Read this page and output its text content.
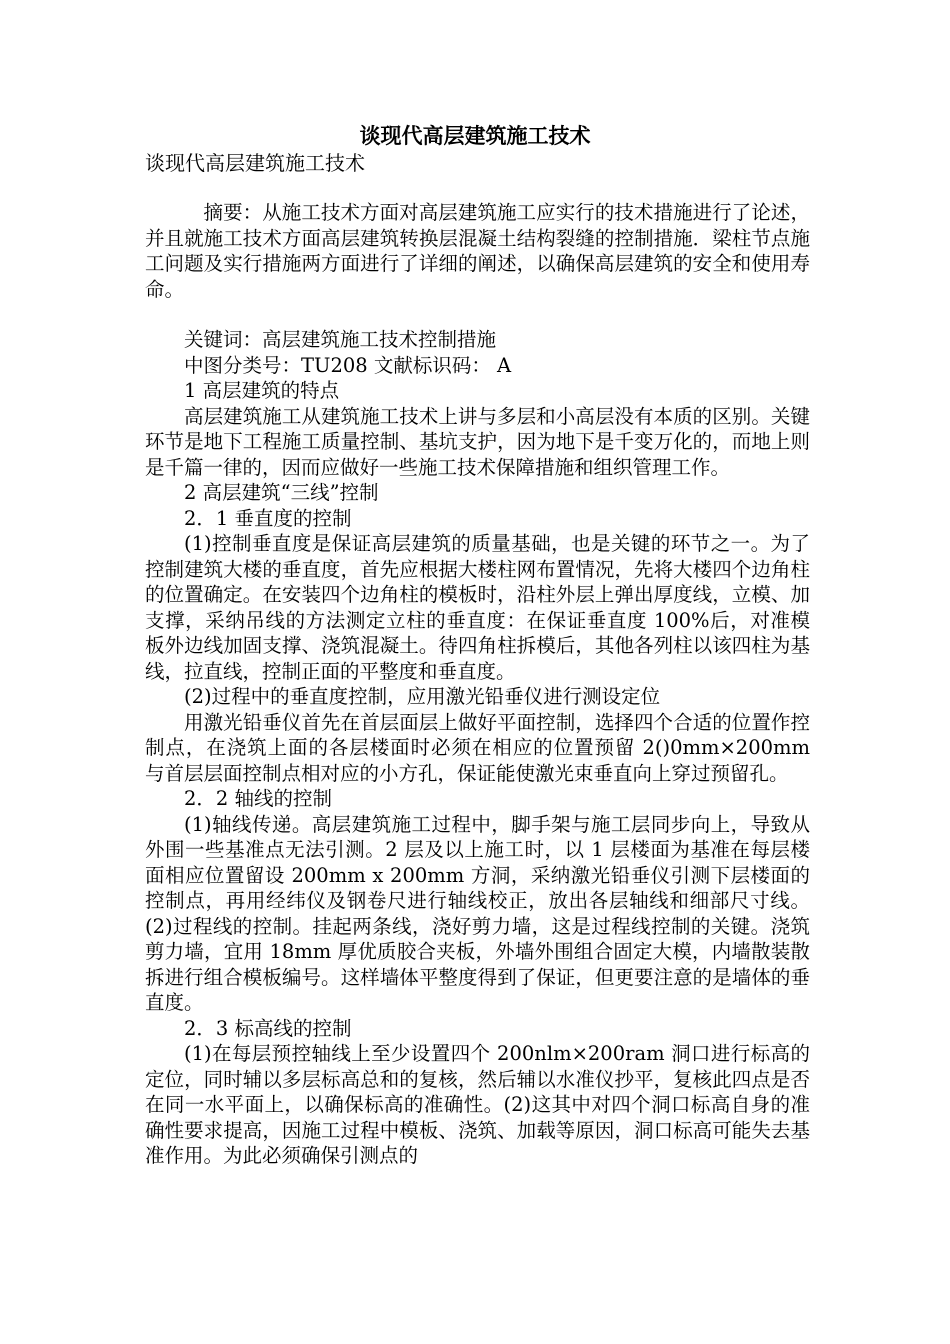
谈现代高层建筑施工技术
谈现代高层建筑施工技术

摘要：从施工技术方面对高层建筑施工应实行的技术措施进行了论述，并且就施工技术方面高层建筑转换层混凝土结构裂缝的控制措施．梁柱节点施工问题及实行措施两方面进行了详细的阐述，以确保高层建筑的安全和使用寿命。

关键词：高层建筑施工技术控制措施

中图分类号：TU208 文献标识码： A

1 高层建筑的特点

高层建筑施工从建筑施工技术上讲与多层和小高层没有本质的区别。关键环节是地下工程施工质量控制、基坑支护，因为地下是千变万化的，而地上则是千篇一律的，因而应做好一些施工技术保障措施和组织管理工作。

2 高层建筑“三线”控制

2．1 垂直度的控制

(1)控制垂直度是保证高层建筑的质量基础，也是关键的环节之一。为了控制建筑大楼的垂直度，首先应根据大楼柱网布置情况，先将大楼四个边角柱的位置确定。在安装四个边角柱的模板时，沿柱外层上弹出厚度线，立模、加支撑，采纳吊线的方法测定立柱的垂直度：在保证垂直度 100%后，对准模板外边线加固支撑、浇筑混凝土。待四角柱拆模后，其他各列柱以该四柱为基线，拉直线，控制正面的平整度和垂直度。

(2)过程中的垂直度控制，应用激光铅垂仪进行测设定位

用激光铅垂仪首先在首层面层上做好平面控制，选择四个合适的位置作控制点，在浇筑上面的各层楼面时必须在相应的位置预留 2()0mm×200mm 与首层层面控制点相对应的小方孔，保证能使激光束垂直向上穿过预留孔。

2．2 轴线的控制

(1)轴线传递。高层建筑施工过程中，脚手架与施工层同步向上，导致从外围一些基准点无法引测。2 层及以上施工时，以 1 层楼面为基准在每层楼面相应位置留设 200mm x 200mm 方洞，采纳激光铅垂仪引测下层楼面的控制点，再用经纬仪及钢卷尺进行轴线校正，放出各层轴线和细部尺寸线。(2)过程线的控制。挂起两条线，浇好剪力墙，这是过程线控制的关键。浇筑剪力墙，宜用 18mm 厚优质胶合夹板，外墙外围组合固定大模，内墙散装散拆进行组合模板编号。这样墙体平整度得到了保证，但更要注意的是墙体的垂直度。

2．3 标高线的控制

(1)在每层预控轴线上至少设置四个 200nlm×200ram 洞口进行标高的定位，同时辅以多层标高总和的复核，然后辅以水准仪抄平，复核此四点是否在同一水平面上，以确保标高的准确性。(2)这其中对四个洞口标高自身的准确性要求提高，因施工过程中模板、浇筑、加载等原因，洞口标高可能失去基准作用。为此必须确保引测点的
